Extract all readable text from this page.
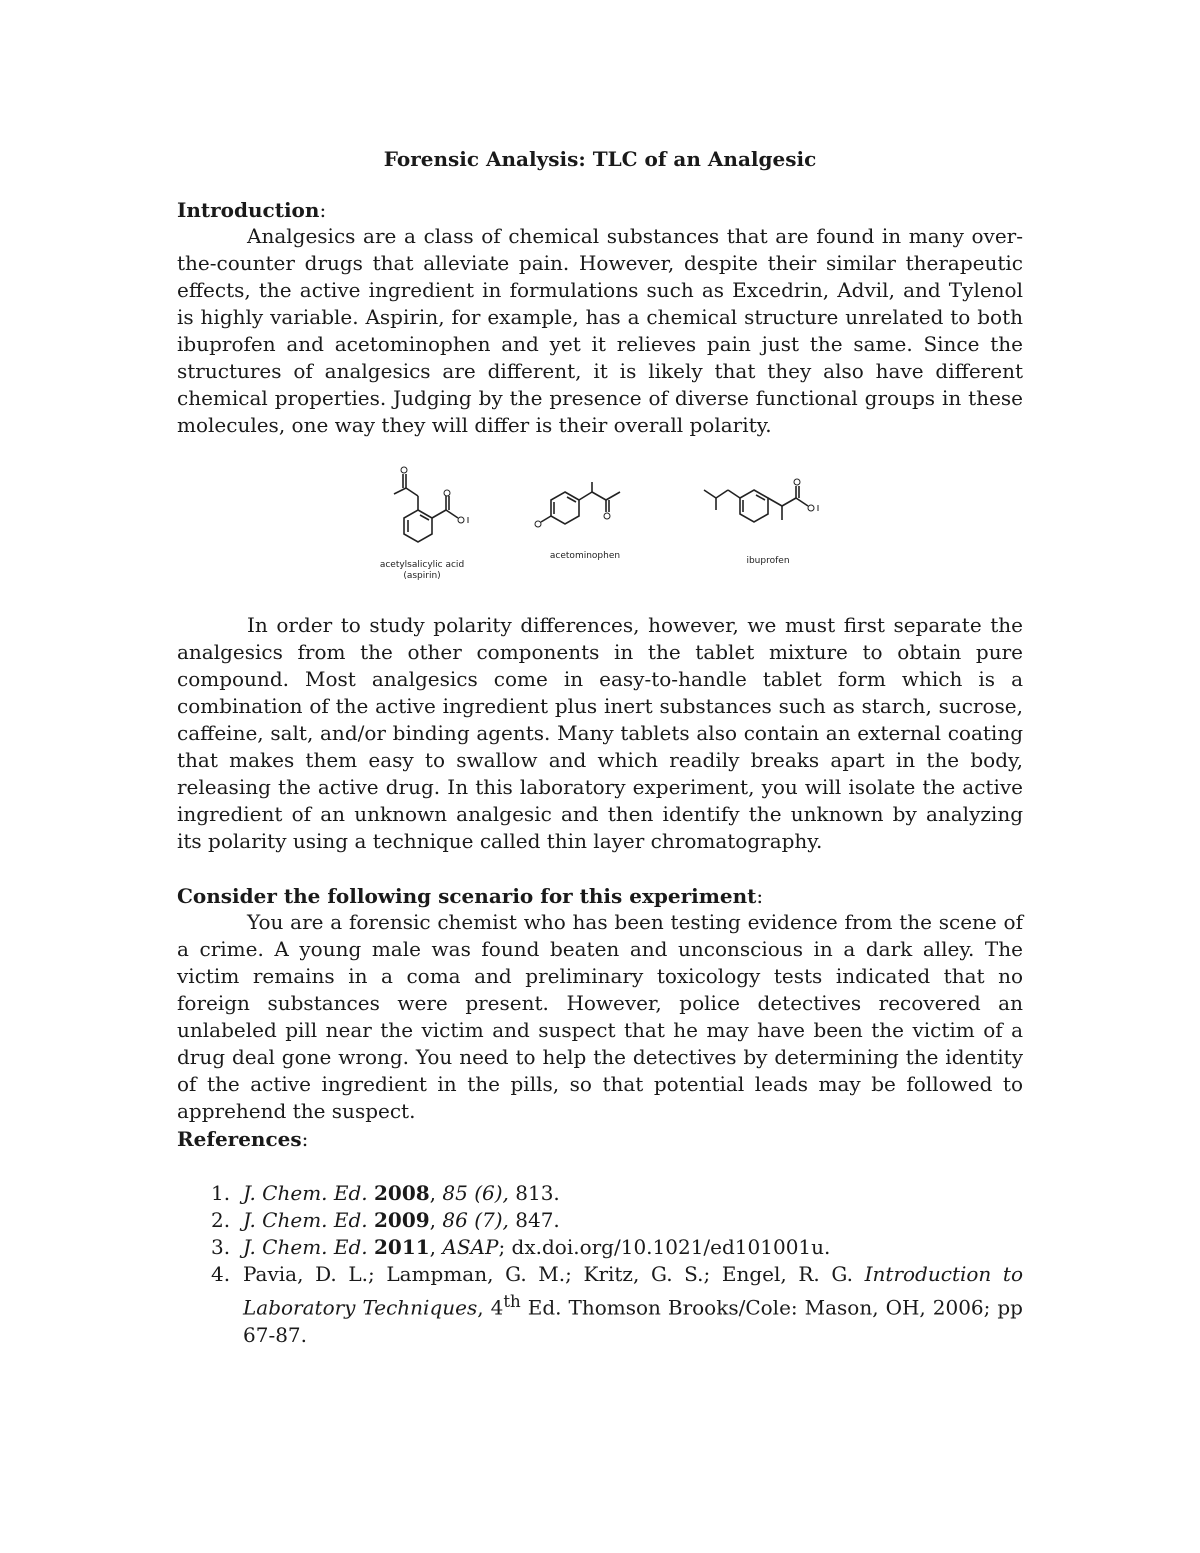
Forensic Analysis: TLC of an Analgesic
Introduction:

Analgesics are a class of chemical substances that are found in many over-the-counter drugs that alleviate pain. However, despite their similar therapeutic effects, the active ingredient in formulations such as Excedrin, Advil, and Tylenol is highly variable. Aspirin, for example, has a chemical structure unrelated to both ibuprofen and acetominophen and yet it relieves pain just the same. Since the structures of analgesics are different, it is likely that they also have different chemical properties. Judging by the presence of diverse functional groups in these molecules, one way they will differ is their overall polarity.

acetylsalicylic acid
(aspirin)
acetominophen	ibuprofen

In order to study polarity differences, however, we must first separate the analgesics from the other components in the tablet mixture to obtain pure compound. Most analgesics come in easy-to-handle tablet form which is a combination of the active ingredient plus inert substances such as starch, sucrose, caffeine, salt, and/or binding agents. Many tablets also contain an external coating that makes them easy to swallow and which readily breaks apart in the body, releasing the active drug. In this laboratory experiment, you will isolate the active ingredient of an unknown analgesic and then identify the unknown by analyzing its polarity using a technique called thin layer chromatography.

Consider the following scenario for this experiment:

You are a forensic chemist who has been testing evidence from the scene of a crime. A young male was found beaten and unconscious in a dark alley. The victim remains in a coma and preliminary toxicology tests indicated that no foreign substances were present. However, police detectives recovered an unlabeled pill near the victim and suspect that he may have been the victim of a drug deal gone wrong. You need to help the detectives by determining the identity of the active ingredient in the pills, so that potential leads may be followed to apprehend the suspect.

References:
1. J. Chem. Ed. 2008, 85 (6), 813.
2. J. Chem. Ed. 2009, 86 (7), 847.
3. J. Chem. Ed. 2011, ASAP; dx.doi.org/10.1021/ed101001u.
4. Pavia, D. L.; Lampman, G. M.; Kritz, G. S.; Engel, R. G. Introduction to Laboratory Techniques, 4th Ed. Thomson Brooks/Cole: Mason, OH, 2006; pp 67-87.
